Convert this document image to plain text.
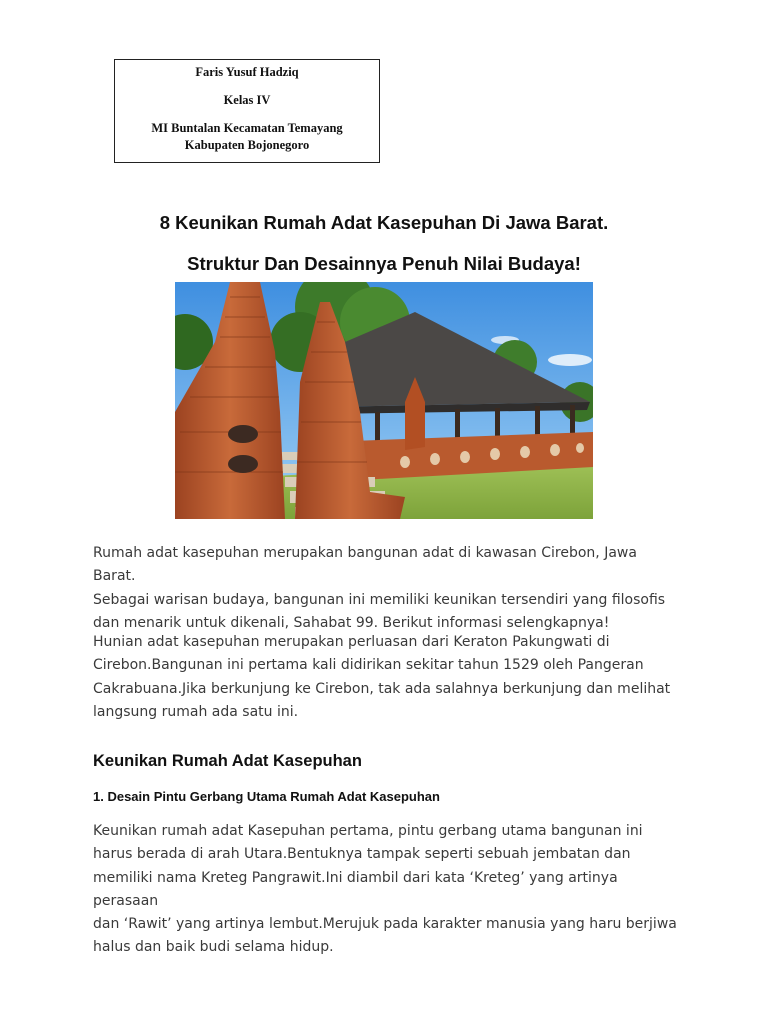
Faris Yusuf Hadziq
Kelas IV
MI Buntalan Kecamatan Temayang
Kabupaten Bojonegoro
8 Keunikan Rumah Adat Kasepuhan Di Jawa Barat.
Struktur Dan Desainnya Penuh Nilai Budaya!

Rumah adat kasepuhan merupakan bangunan adat di kawasan Cirebon, Jawa Barat.
Sebagai warisan budaya, bangunan ini memiliki keunikan tersendiri yang filosofis
dan menarik untuk dikenali, Sahabat 99. Berikut informasi selengkapnya!

Hunian adat kasepuhan merupakan perluasan dari Keraton Pakungwati di
Cirebon.Bangunan ini pertama kali didirikan sekitar tahun 1529 oleh Pangeran
Cakrabuana.Jika berkunjung ke Cirebon, tak ada salahnya berkunjung dan melihat
langsung rumah ada satu ini.

Keunikan Rumah Adat Kasepuhan
1. Desain Pintu Gerbang Utama Rumah Adat Kasepuhan

Keunikan rumah adat Kasepuhan pertama, pintu gerbang utama bangunan ini
harus berada di arah Utara.Bentuknya tampak seperti sebuah jembatan dan
memiliki nama Kreteg Pangrawit.Ini diambil dari kata ‘Kreteg’ yang artinya perasaan
dan ‘Rawit’ yang artinya lembut.Merujuk pada karakter manusia yang haru berjiwa
halus dan baik budi selama hidup.
